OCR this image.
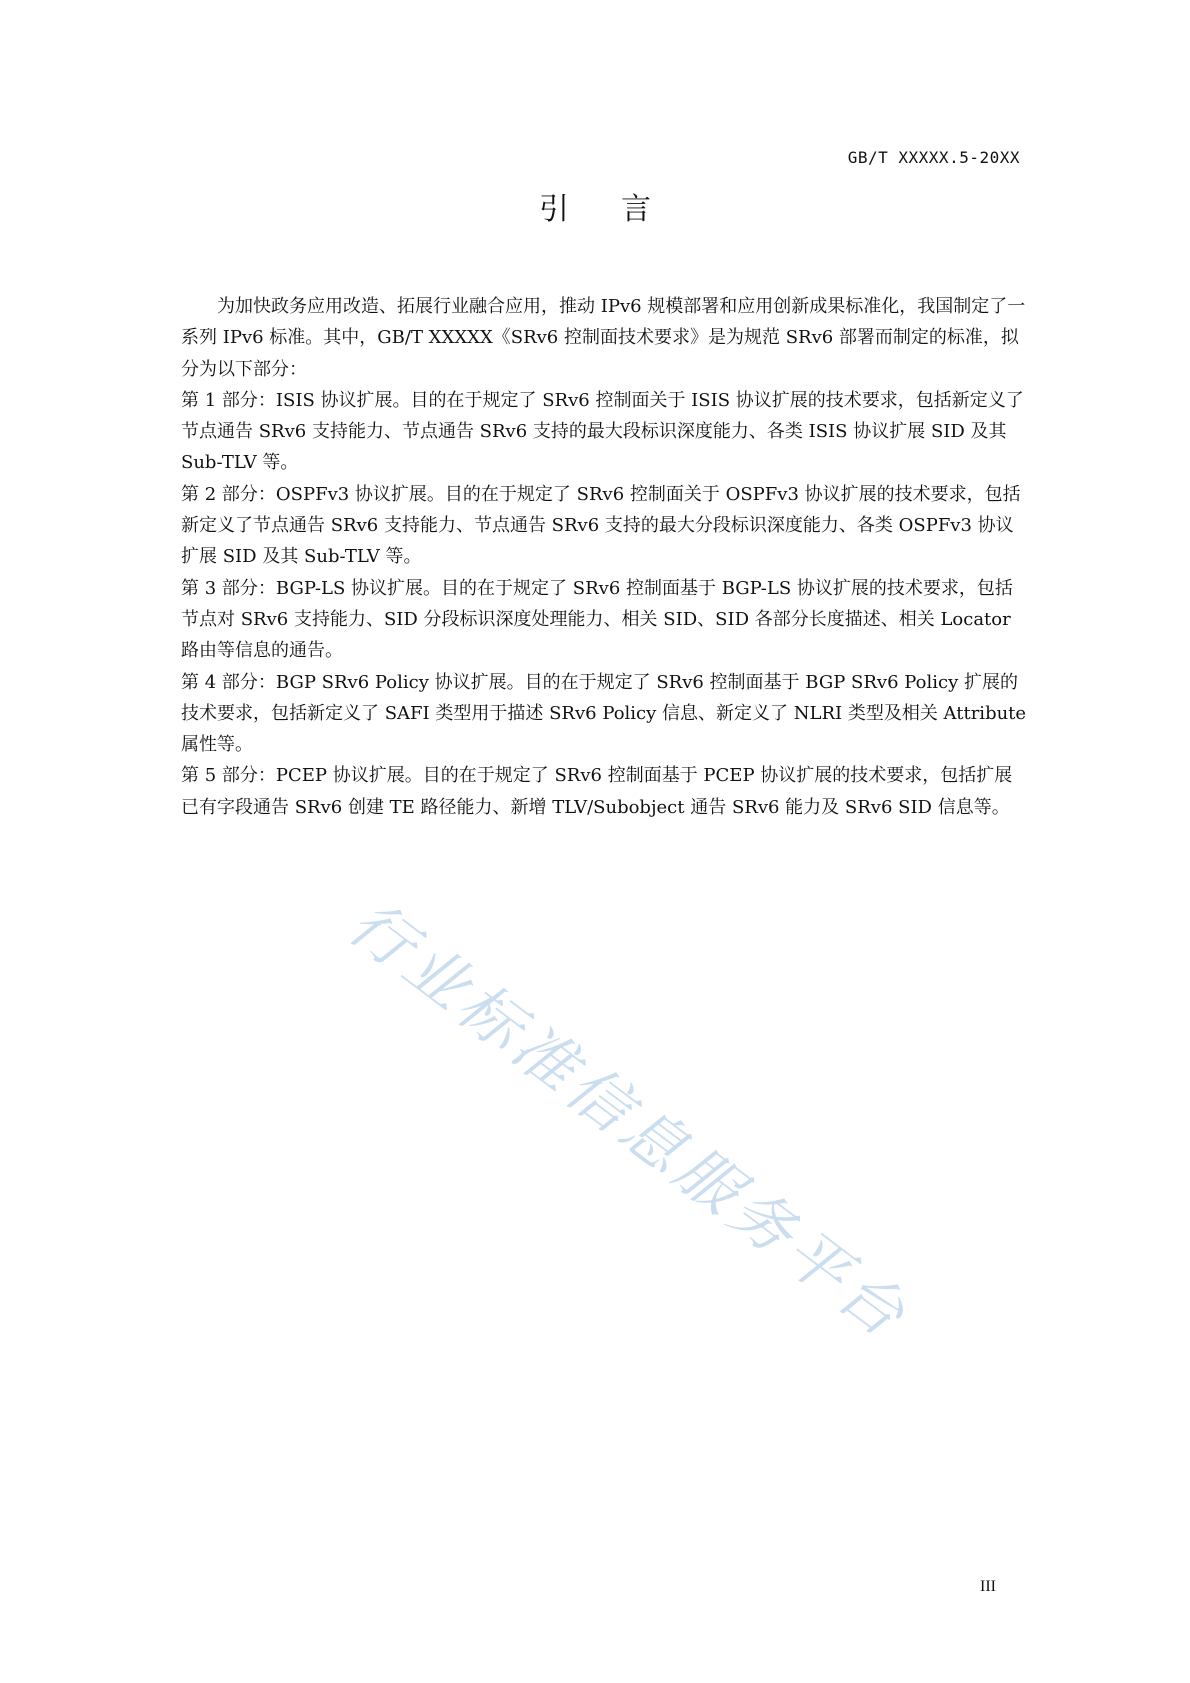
GB/T XXXXX.5-20XX
引言

为加快政务应用改造、拓展行业融合应用，推动 IPv6 规模部署和应用创新成果标准化，我国制定了一系列 IPv6 标准。其中，GB/T XXXXX《SRv6 控制面技术要求》是为规范 SRv6 部署而制定的标准，拟分为以下部分：

第 1 部分：ISIS 协议扩展。目的在于规定了 SRv6 控制面关于 ISIS 协议扩展的技术要求，包括新定义了节点通告 SRv6 支持能力、节点通告 SRv6 支持的最大段标识深度能力、各类 ISIS 协议扩展 SID 及其 Sub-TLV 等。

第 2 部分：OSPFv3 协议扩展。目的在于规定了 SRv6 控制面关于 OSPFv3 协议扩展的技术要求，包括新定义了节点通告 SRv6 支持能力、节点通告 SRv6 支持的最大分段标识深度能力、各类 OSPFv3 协议扩展 SID 及其 Sub-TLV 等。

第 3 部分：BGP-LS 协议扩展。目的在于规定了 SRv6 控制面基于 BGP-LS 协议扩展的技术要求，包括节点对 SRv6 支持能力、SID 分段标识深度处理能力、相关 SID、SID 各部分长度描述、相关 Locator 路由等信息的通告。

第 4 部分：BGP SRv6 Policy 协议扩展。目的在于规定了 SRv6 控制面基于 BGP SRv6 Policy 扩展的技术要求，包括新定义了 SAFI 类型用于描述 SRv6 Policy 信息、新定义了 NLRI 类型及相关 Attribute 属性等。

第 5 部分：PCEP 协议扩展。目的在于规定了 SRv6 控制面基于 PCEP 协议扩展的技术要求，包括扩展已有字段通告 SRv6 创建 TE 路径能力、新增 TLV/Subobject 通告 SRv6 能力及 SRv6 SID 信息等。

行业标准信息服务平台
III
